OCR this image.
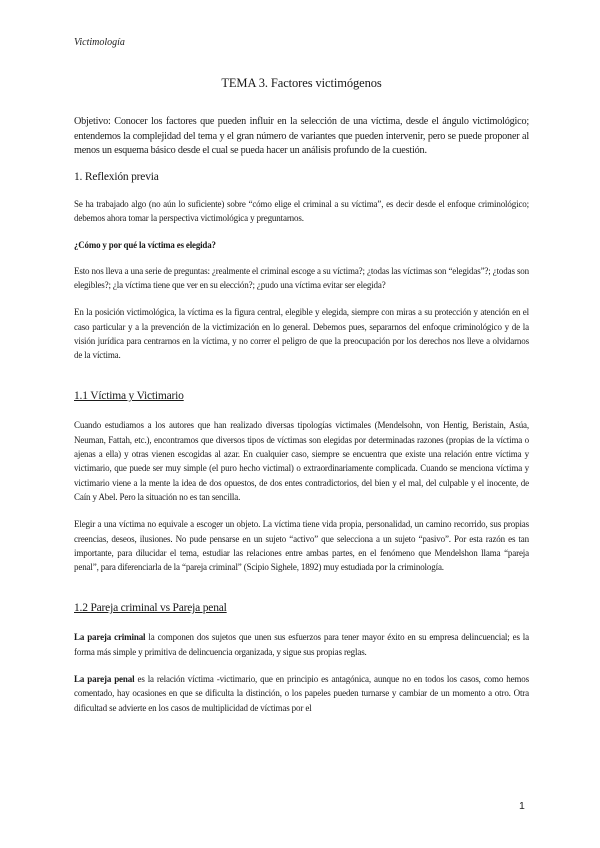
Victimología
TEMA 3. Factores victimógenos

Objetivo: Conocer los factores que pueden influir en la selección de una víctima, desde el ángulo victimológico; entendemos la complejidad del tema y el gran número de variantes que pueden intervenir, pero se puede proponer al menos un esquema básico desde el cual se pueda hacer un análisis profundo de la cuestión.

1. Reflexión previa

Se ha trabajado algo (no aún lo suficiente) sobre “cómo elige el criminal a su víctima”, es decir desde el enfoque criminológico; debemos ahora tomar la perspectiva victimológica y preguntarnos.

¿Cómo y por qué la víctima es elegida?

Esto nos lleva a una serie de preguntas: ¿realmente el criminal escoge a su víctima?; ¿todas las víctimas son “elegidas”?; ¿todas son elegibles?; ¿la víctima tiene que ver en su elección?; ¿pudo una víctima evitar ser elegida?

En la posición victimológica, la víctima es la figura central, elegible y elegida, siempre con miras a su protección y atención en el caso particular y a la prevención de la victimización en lo general. Debemos pues, separarnos del enfoque criminológico y de la visión jurídica para centrarnos en la víctima, y no correr el peligro de que la preocupación por los derechos nos lleve a olvidarnos de la víctima.

1.1 Víctima y Victimario

Cuando estudiamos a los autores que han realizado diversas tipologías victimales (Mendelsohn, von Hentig, Beristain, Asúa, Neuman, Fattah, etc.), encontramos que diversos tipos de víctimas son elegidas por determinadas razones (propias de la víctima o ajenas a ella) y otras vienen escogidas al azar. En cualquier caso, siempre se encuentra que existe una relación entre víctima y victimario, que puede ser muy simple (el puro hecho victimal) o extraordinariamente complicada. Cuando se menciona víctima y victimario viene a la mente la idea de dos opuestos, de dos entes contradictorios, del bien y el mal, del culpable y el inocente, de Caín y Abel. Pero la situación no es tan sencilla.

Elegir a una víctima no equivale a escoger un objeto. La víctima tiene vida propia, personalidad, un camino recorrido, sus propias creencias, deseos, ilusiones. No pude pensarse en un sujeto “activo” que selecciona a un sujeto “pasivo”. Por esta razón es tan importante, para dilucidar el tema, estudiar las relaciones entre ambas partes, en el fenómeno que Mendelshon llama “pareja penal”, para diferenciarla de la “pareja criminal” (Scipio Sighele, 1892) muy estudiada por la criminología.

1.2 Pareja criminal vs Pareja penal

La pareja criminal la componen dos sujetos que unen sus esfuerzos para tener mayor éxito en su empresa delincuencial; es la forma más simple y primitiva de delincuencia organizada, y sigue sus propias reglas.

La pareja penal es la relación víctima -victimario, que en principio es antagónica, aunque no en todos los casos, como hemos comentado, hay ocasiones en que se dificulta la distinción, o los papeles pueden turnarse y cambiar de un momento a otro. Otra dificultad se advierte en los casos de multiplicidad de víctimas por el

1
